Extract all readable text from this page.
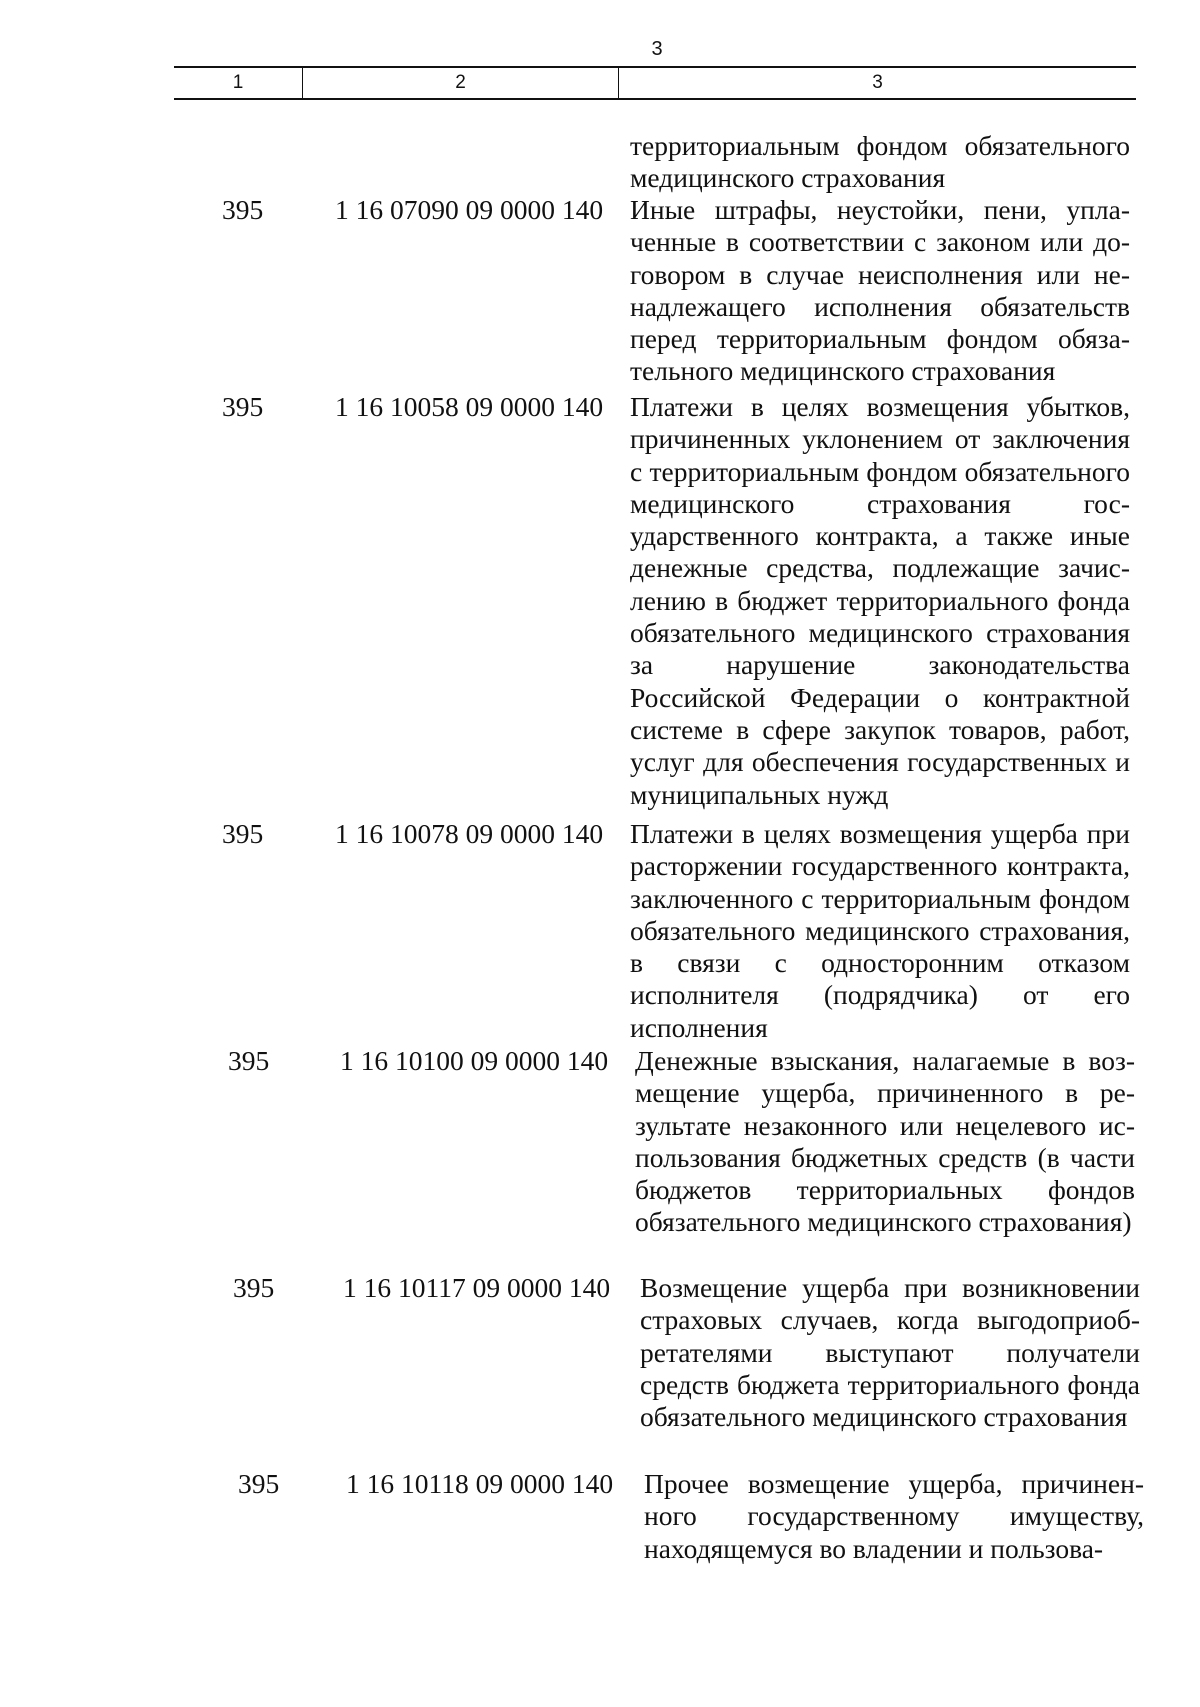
3
1	2	3
территориальным фондом обязательного медицинского страхования
395	1 16 07090 09 0000 140 Иные штрафы, неустойки, пени, уплаченные в соответствии с законом или договором в случае неисполнения или ненадлежащего исполнения обязательств перед территориальным фондом обязательного медицинского страхования
395	1 16 10058 09 0000 140 Платежи в целях возмещения убытков, причиненных уклонением от заключения с территориальным фондом обязательного медицинского страхования государственного контракта, а также иные денежные средства, подлежащие зачислению в бюджет территориального фонда обязательного медицинского страхования за нарушение законодательства Российской Федерации о контрактной системе в сфере закупок товаров, работ, услуг для обеспечения государственных и муниципальных нужд
395	1 16 10078 09 0000 140 Платежи в целях возмещения ущерба при расторжении государственного контракта, заключенного с территориальным фондом обязательного медицинского страхования, в связи с односторонним отказом исполнителя (подрядчика) от его исполнения
395	1 16 10100 09 0000 140 Денежные взыскания, налагаемые в возмещение ущерба, причиненного в результате незаконного или нецелевого использования бюджетных средств (в части бюджетов территориальных фондов обязательного медицинского страхования)
395	1 16 10117 09 0000 140 Возмещение ущерба при возникновении страховых случаев, когда выгодоприобретателями выступают получатели средств бюджета территориального фонда обязательного медицинского страхования
395 1 16 10118 09 0000 140 Прочее возмещение ущерба, причиненного государственному имуществу, находящемуся во владении и пользова-
